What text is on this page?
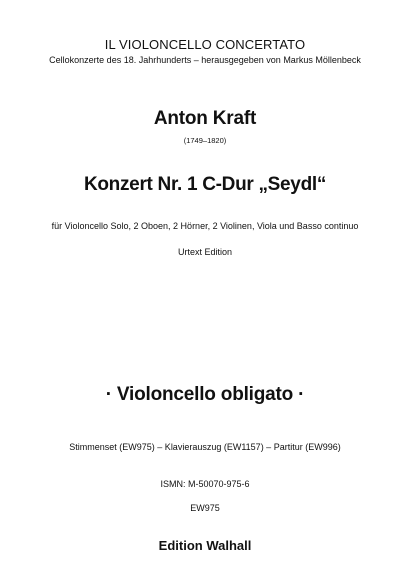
IL VIOLONCELLO CONCERTATO
Cellokonzerte des 18. Jahrhunderts – herausgegeben von Markus Möllenbeck
Anton Kraft
(1749–1820)
Konzert Nr. 1 C-Dur „Seydl“
für Violoncello Solo, 2 Oboen, 2 Hörner, 2 Violinen, Viola und Basso continuo
Urtext Edition
· Violoncello obligato ·
Stimmenset (EW975) – Klavierauszug (EW1157) – Partitur (EW996)
ISMN: M-50070-975-6
EW975
Edition Walhall
